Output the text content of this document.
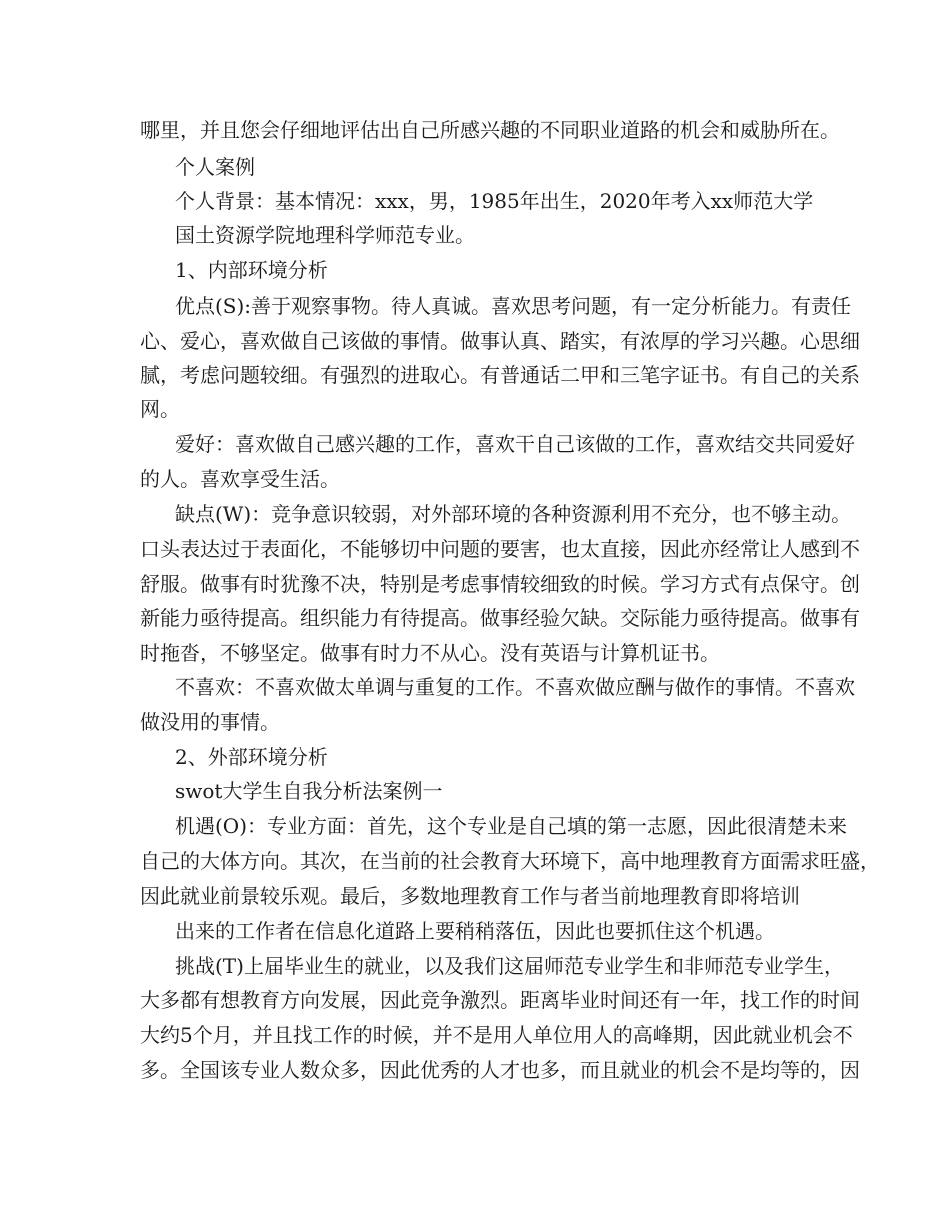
哪里，并且您会仔细地评估出自己所感兴趣的不同职业道路的机会和威胁所在。
个人案例
个人背景：基本情况：xxx，男，1985年出生，2020年考入xx师范大学
国土资源学院地理科学师范专业。
1、内部环境分析
优点(S):善于观察事物。待人真诚。喜欢思考问题，有一定分析能力。有责任
心、爱心，喜欢做自己该做的事情。做事认真、踏实，有浓厚的学习兴趣。心思细
腻，考虑问题较细。有强烈的进取心。有普通话二甲和三笔字证书。有自己的关系
网。
爱好：喜欢做自己感兴趣的工作，喜欢干自己该做的工作，喜欢结交共同爱好
的人。喜欢享受生活。
缺点(W)：竞争意识较弱，对外部环境的各种资源利用不充分，也不够主动。
口头表达过于表面化，不能够切中问题的要害，也太直接，因此亦经常让人感到不
舒服。做事有时犹豫不决，特别是考虑事情较细致的时候。学习方式有点保守。创
新能力亟待提高。组织能力有待提高。做事经验欠缺。交际能力亟待提高。做事有
时拖沓，不够坚定。做事有时力不从心。没有英语与计算机证书。
不喜欢：不喜欢做太单调与重复的工作。不喜欢做应酬与做作的事情。不喜欢
做没用的事情。
2、外部环境分析
swot大学生自我分析法案例一
机遇(O)：专业方面：首先，这个专业是自己填的第一志愿，因此很清楚未来
自己的大体方向。其次，在当前的社会教育大环境下，高中地理教育方面需求旺盛，
因此就业前景较乐观。最后，多数地理教育工作与者当前地理教育即将培训
出来的工作者在信息化道路上要稍稍落伍，因此也要抓住这个机遇。
挑战(T)上届毕业生的就业，以及我们这届师范专业学生和非师范专业学生，
大多都有想教育方向发展，因此竞争激烈。距离毕业时间还有一年，找工作的时间
大约5个月，并且找工作的时候，并不是用人单位用人的高峰期，因此就业机会不
多。全国该专业人数众多，因此优秀的人才也多，而且就业的机会不是均等的，因
